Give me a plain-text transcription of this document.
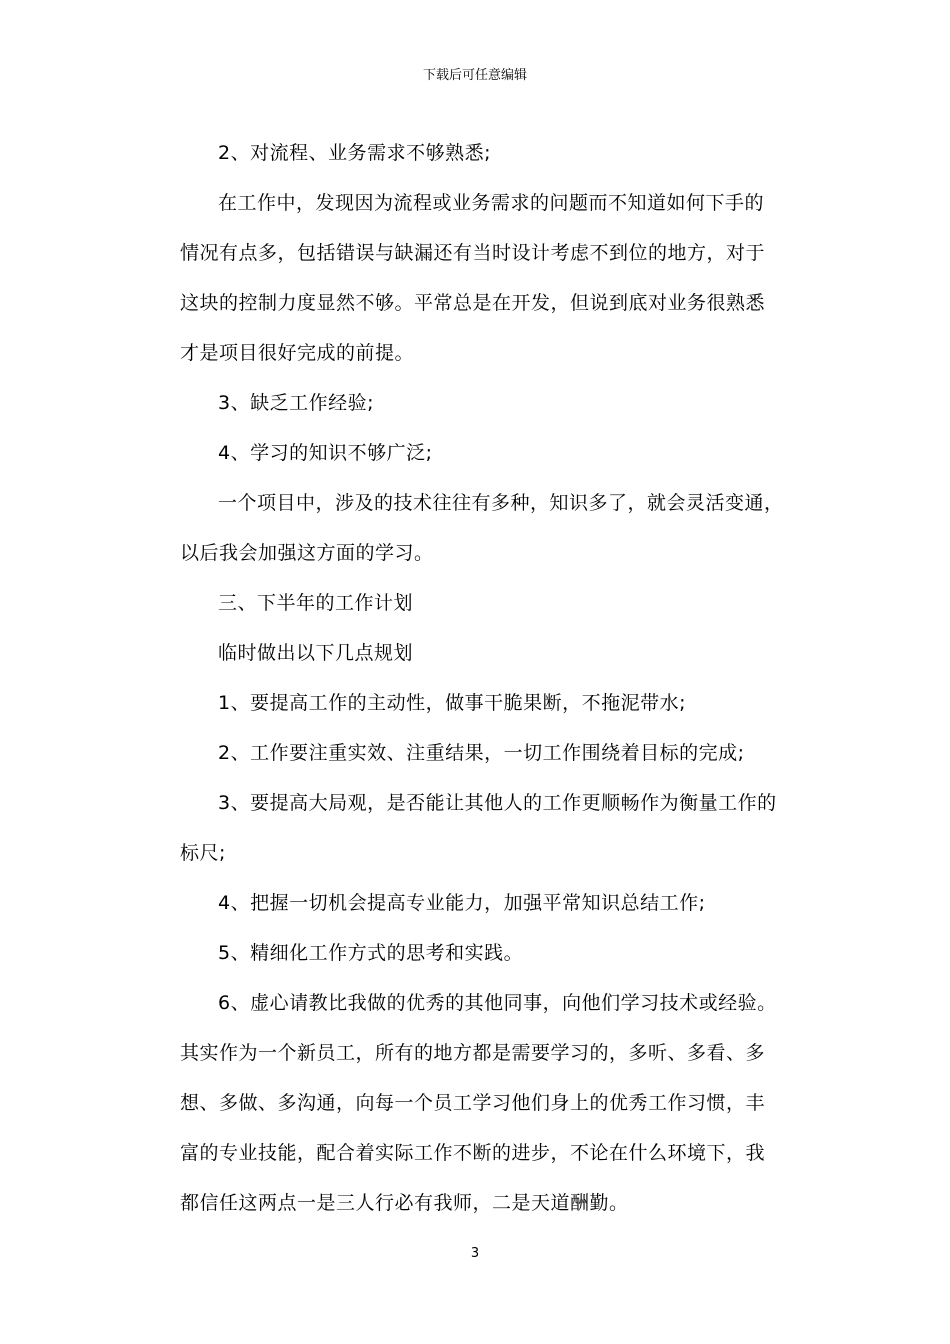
下载后可任意编辑

2、对流程、业务需求不够熟悉;

在工作中，发现因为流程或业务需求的问题而不知道如何下手的

情况有点多，包括错误与缺漏还有当时设计考虑不到位的地方，对于

这块的控制力度显然不够。平常总是在开发，但说到底对业务很熟悉

才是项目很好完成的前提。

3、缺乏工作经验;

4、学习的知识不够广泛;

一个项目中，涉及的技术往往有多种，知识多了，就会灵活变通，

以后我会加强这方面的学习。

三、下半年的工作计划

临时做出以下几点规划

1、要提高工作的主动性，做事干脆果断，不拖泥带水;

2、工作要注重实效、注重结果，一切工作围绕着目标的完成;

3、要提高大局观，是否能让其他人的工作更顺畅作为衡量工作的

标尺;

4、把握一切机会提高专业能力，加强平常知识总结工作;

5、精细化工作方式的思考和实践。

6、虚心请教比我做的优秀的其他同事，向他们学习技术或经验。

其实作为一个新员工，所有的地方都是需要学习的，多听、多看、多

想、多做、多沟通，向每一个员工学习他们身上的优秀工作习惯，丰

富的专业技能，配合着实际工作不断的进步，不论在什么环境下，我

都信任这两点一是三人行必有我师，二是天道酬勤。

3
